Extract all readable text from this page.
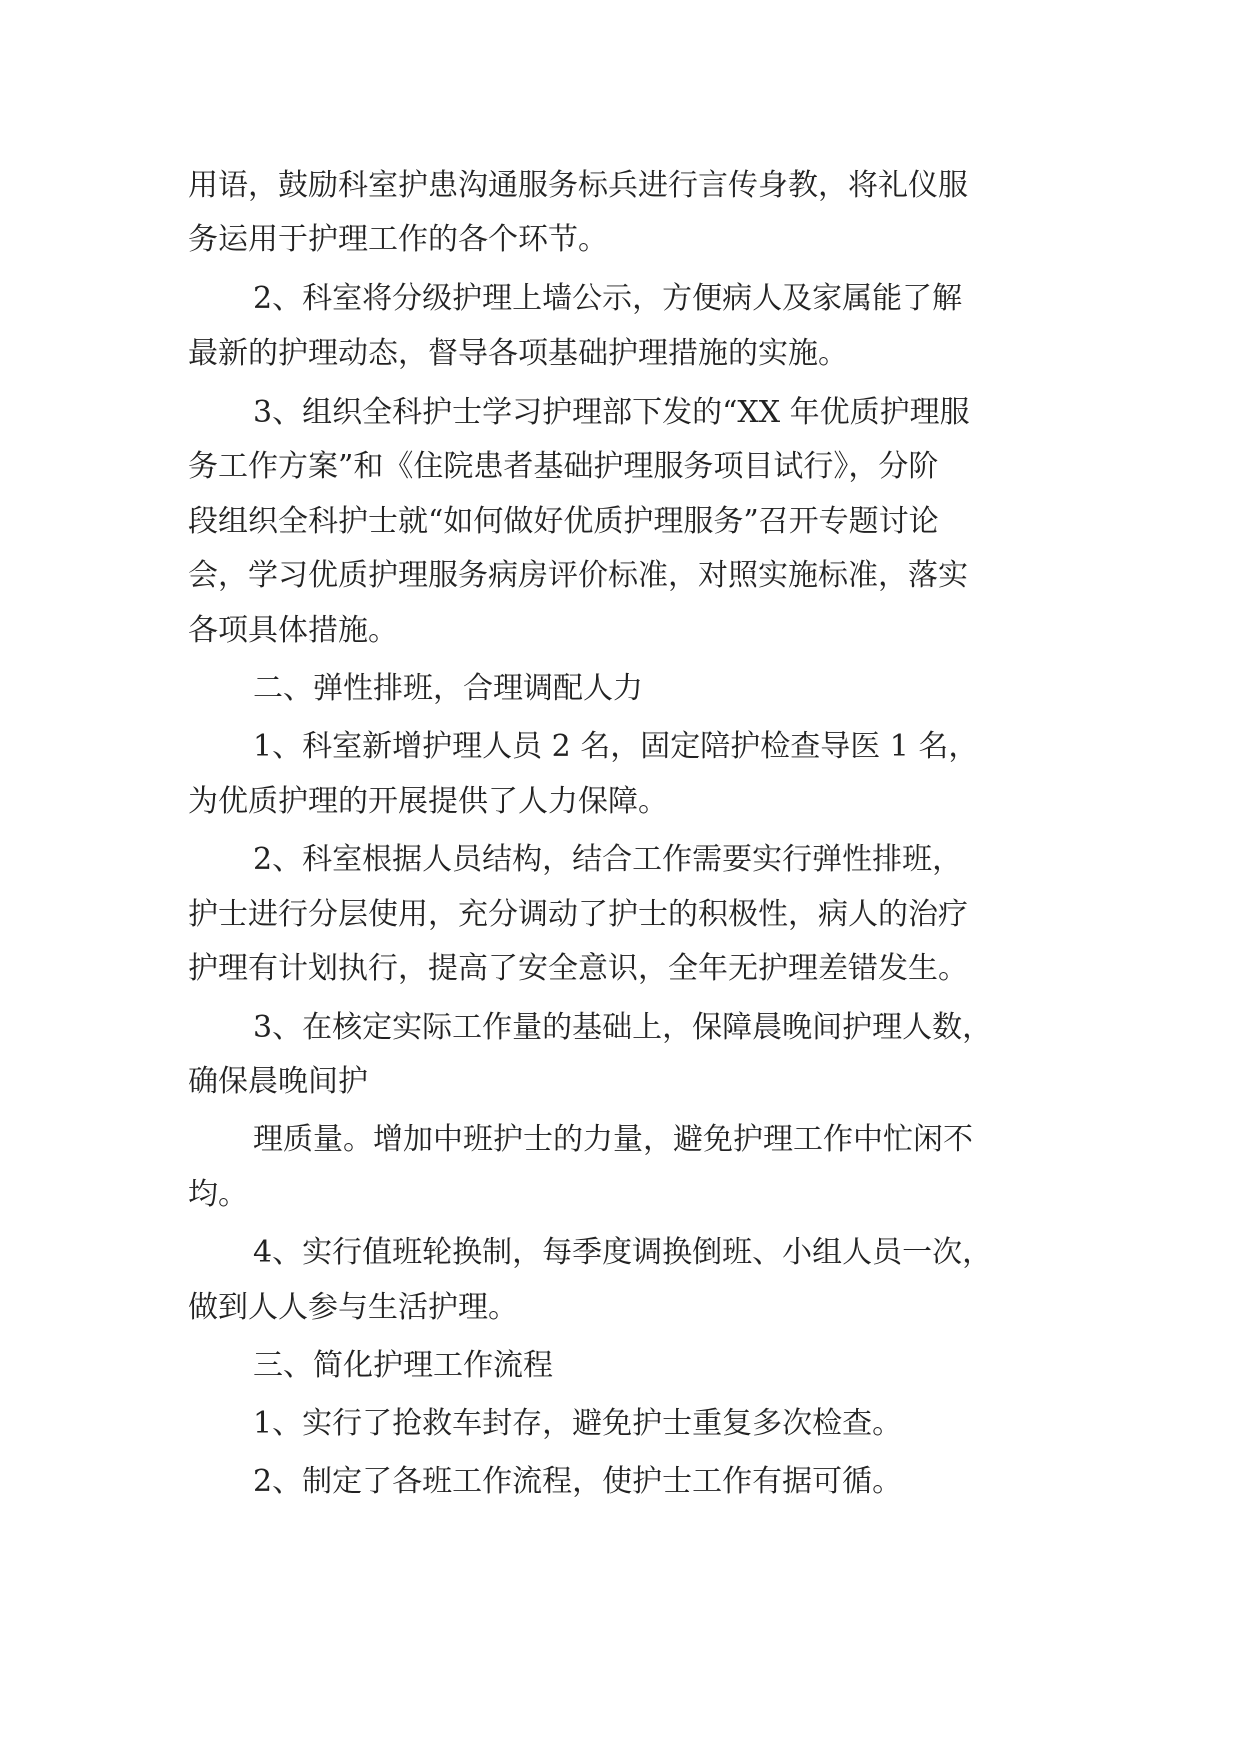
用语，鼓励科室护患沟通服务标兵进行言传身教，将礼仪服
务运用于护理工作的各个环节。
2、科室将分级护理上墙公示，方便病人及家属能了解
最新的护理动态，督导各项基础护理措施的实施。
3、组织全科护士学习护理部下发的“XX 年优质护理服
务工作方案”和《住院患者基础护理服务项目试行》，分阶
段组织全科护士就“如何做好优质护理服务”召开专题讨论
会，学习优质护理服务病房评价标准，对照实施标准，落实
各项具体措施。
二、弹性排班，合理调配人力
1、科室新增护理人员 2 名，固定陪护检查导医 1 名，
为优质护理的开展提供了人力保障。
2、科室根据人员结构，结合工作需要实行弹性排班，
护士进行分层使用，充分调动了护士的积极性，病人的治疗
护理有计划执行，提高了安全意识，全年无护理差错发生。
3、在核定实际工作量的基础上，保障晨晚间护理人数，
确保晨晚间护
理质量。增加中班护士的力量，避免护理工作中忙闲不
均。
4、实行值班轮换制，每季度调换倒班、小组人员一次，
做到人人参与生活护理。
三、简化护理工作流程
1、实行了抢救车封存，避免护士重复多次检查。
2、制定了各班工作流程，使护士工作有据可循。
